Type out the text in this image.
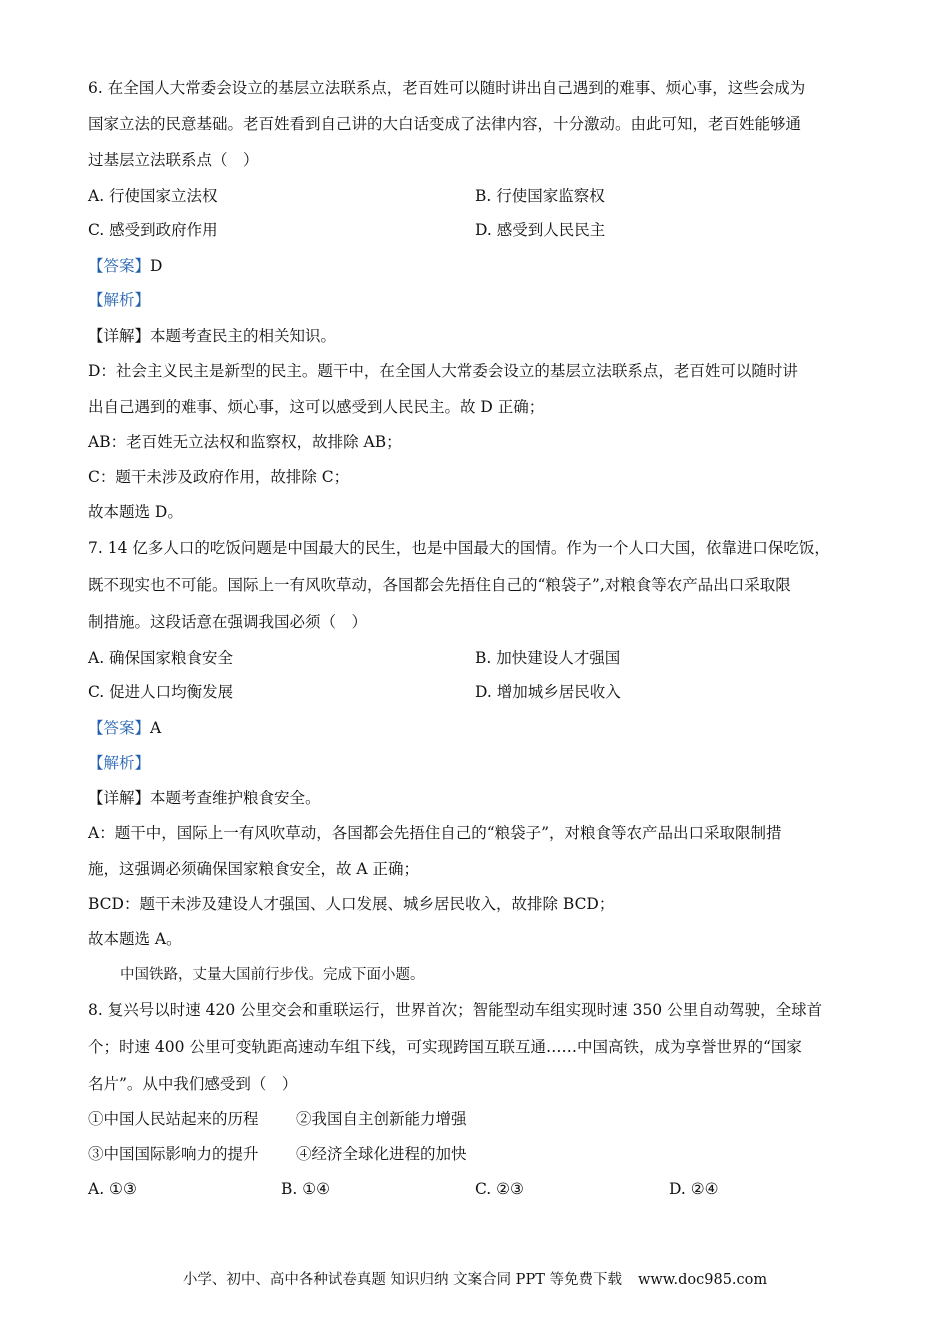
6. 在全国人大常委会设立的基层立法联系点，老百姓可以随时讲出自己遇到的难事、烦心事，这些会成为
国家立法的民意基础。老百姓看到自己讲的大白话变成了法律内容，十分激动。由此可知，老百姓能够通
过基层立法联系点（　）
A. 行使国家立法权	B. 行使国家监察权
C. 感受到政府作用	D. 感受到人民民主
【答案】D
【解析】
【详解】本题考查民主的相关知识。
D：社会主义民主是新型的民主。题干中，在全国人大常委会设立的基层立法联系点，老百姓可以随时讲
出自己遇到的难事、烦心事，这可以感受到人民民主。故 D 正确；
AB：老百姓无立法权和监察权，故排除 AB；
C：题干未涉及政府作用，故排除 C；
故本题选 D。
7. 14 亿多人口的吃饭问题是中国最大的民生，也是中国最大的国情。作为一个人口大国，依靠进口保吃饭，
既不现实也不可能。国际上一有风吹草动，各国都会先捂住自己的“粮袋子”,对粮食等农产品出口采取限
制措施。这段话意在强调我国必须（　）
A. 确保国家粮食安全	B. 加快建设人才强国
C. 促进人口均衡发展	D. 增加城乡居民收入
【答案】A
【解析】
【详解】本题考查维护粮食安全。
A：题干中，国际上一有风吹草动，各国都会先捂住自己的“粮袋子”，对粮食等农产品出口采取限制措
施，这强调必须确保国家粮食安全，故 A 正确；
BCD：题干未涉及建设人才强国、人口发展、城乡居民收入，故排除 BCD；
故本题选 A。
中国铁路，丈量大国前行步伐。完成下面小题。
8. 复兴号以时速 420 公里交会和重联运行，世界首次；智能型动车组实现时速 350 公里自动驾驶，全球首
个；时速 400 公里可变轨距高速动车组下线，可实现跨国互联互通……中国高铁，成为享誉世界的“国家
名片”。从中我们感受到（　）
①中国人民站起来的历程 ②我国自主创新能力增强
③中国国际影响力的提升 ④经济全球化进程的加快
A. ①③	B. ①④	C. ②③	D. ②④
小学、初中、高中各种试卷真题 知识归纳 文案合同 PPT 等免费下载 www.doc985.com
